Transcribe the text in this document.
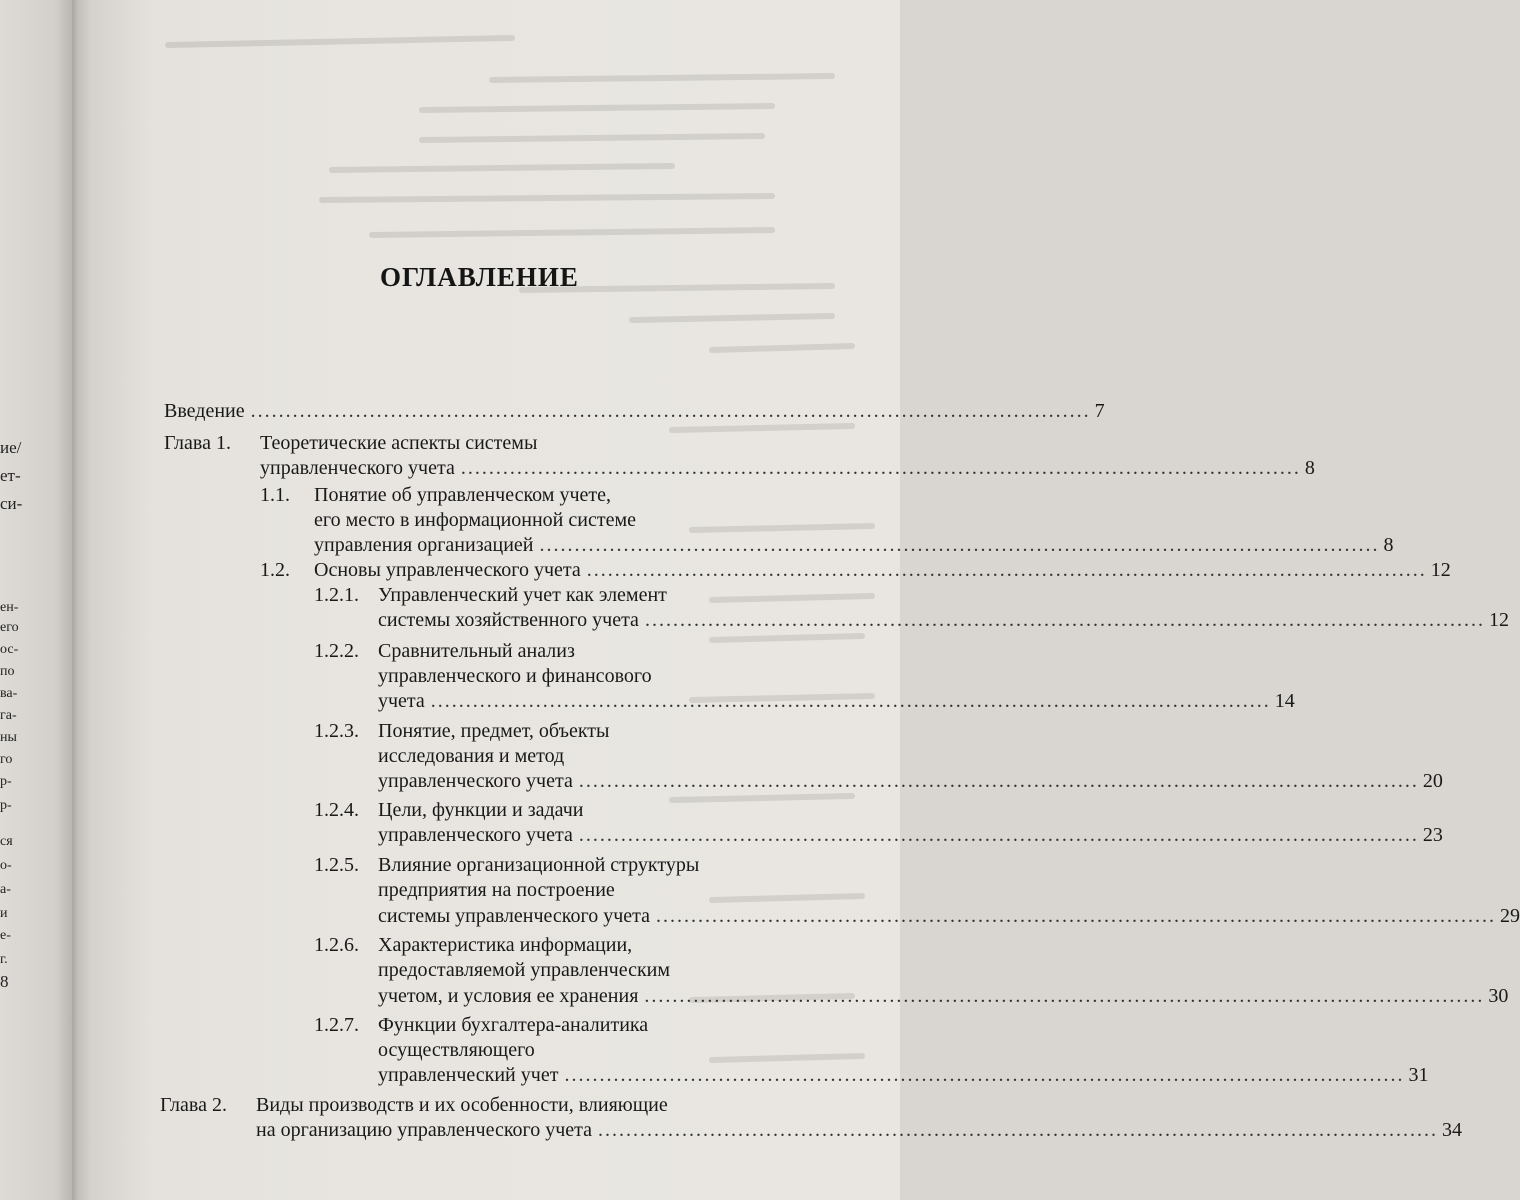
ие/
ет-
си-
ен-
его
ос-
по
ва-
га-
ны
го
р-
р-
ся
о-
а-
и
е-
г.
8
ОГЛАВЛЕНИЕ
Введение ........................................................................................................................ 7
Глава 1. Теоретические аспекты системы
управленческого учета ........................................................................................................................ 8
1.1. Понятие об управленческом учете,
его место в информационной системе
управления организацией ........................................................................................................................ 8
1.2. Основы управленческого учета ........................................................................................................................ 12
1.2.1. Управленческий учет как элемент
системы хозяйственного учета ........................................................................................................................ 12
1.2.2. Сравнительный анализ
управленческого и финансового
учета ........................................................................................................................ 14
1.2.3. Понятие, предмет, объекты
исследования и метод
управленческого учета ........................................................................................................................ 20
1.2.4. Цели, функции и задачи
управленческого учета ........................................................................................................................ 23
1.2.5. Влияние организационной структуры
предприятия на построение
системы управленческого учета ........................................................................................................................ 29
1.2.6. Характеристика информации,
предоставляемой управленческим
учетом, и условия ее хранения ........................................................................................................................ 30
1.2.7. Функции бухгалтера-аналитика
осуществляющего
управленческий учет ........................................................................................................................ 31
Глава 2. Виды производств и их особенности, влияющие
на организацию управленческого учета ........................................................................................................................ 34
